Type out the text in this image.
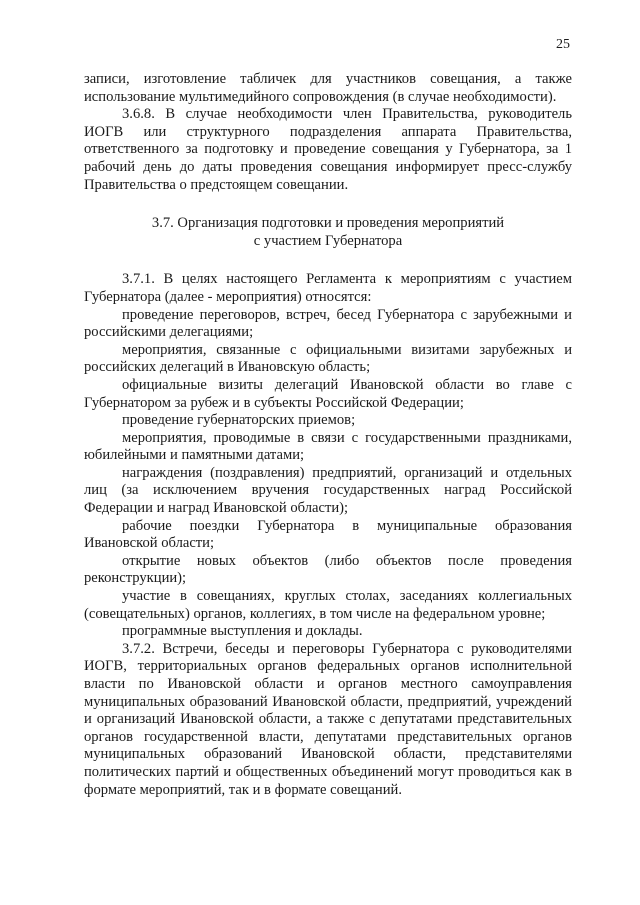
25

записи, изготовление табличек для участников совещания, а также использование мультимедийного сопровождения (в случае необходимости).

3.6.8. В случае необходимости член Правительства, руководитель ИОГВ или структурного подразделения аппарата Правительства, ответственного за подготовку и проведение совещания у Губернатора, за 1 рабочий день до даты проведения совещания информирует пресс-службу Правительства о предстоящем совещании.

3.7. Организация подготовки и проведения мероприятий

с участием Губернатора

3.7.1. В целях настоящего Регламента к мероприятиям с участием Губернатора (далее - мероприятия) относятся:

проведение переговоров, встреч, бесед Губернатора с зарубежными и российскими делегациями;

мероприятия, связанные с официальными визитами зарубежных и российских делегаций в Ивановскую область;

официальные визиты делегаций Ивановской области во главе с Губернатором за рубеж и в субъекты Российской Федерации;

проведение губернаторских приемов;

мероприятия, проводимые в связи с государственными праздниками, юбилейными и памятными датами;

награждения (поздравления) предприятий, организаций и отдельных лиц (за исключением вручения государственных наград Российской Федерации и наград Ивановской области);

рабочие поездки Губернатора в муниципальные образования Ивановской области;

открытие новых объектов (либо объектов после проведения реконструкции);

участие в совещаниях, круглых столах, заседаниях коллегиальных (совещательных) органов, коллегиях, в том числе на федеральном уровне;

программные выступления и доклады.

3.7.2. Встречи, беседы и переговоры Губернатора с руководителями ИОГВ, территориальных органов федеральных органов исполнительной власти по Ивановской области и органов местного самоуправления муниципальных образований Ивановской области, предприятий, учреждений и организаций Ивановской области, а также с депутатами представительных органов государственной власти, депутатами представительных органов муниципальных образований Ивановской области, представителями политических партий и общественных объединений могут проводиться как в формате мероприятий, так и в формате совещаний.
